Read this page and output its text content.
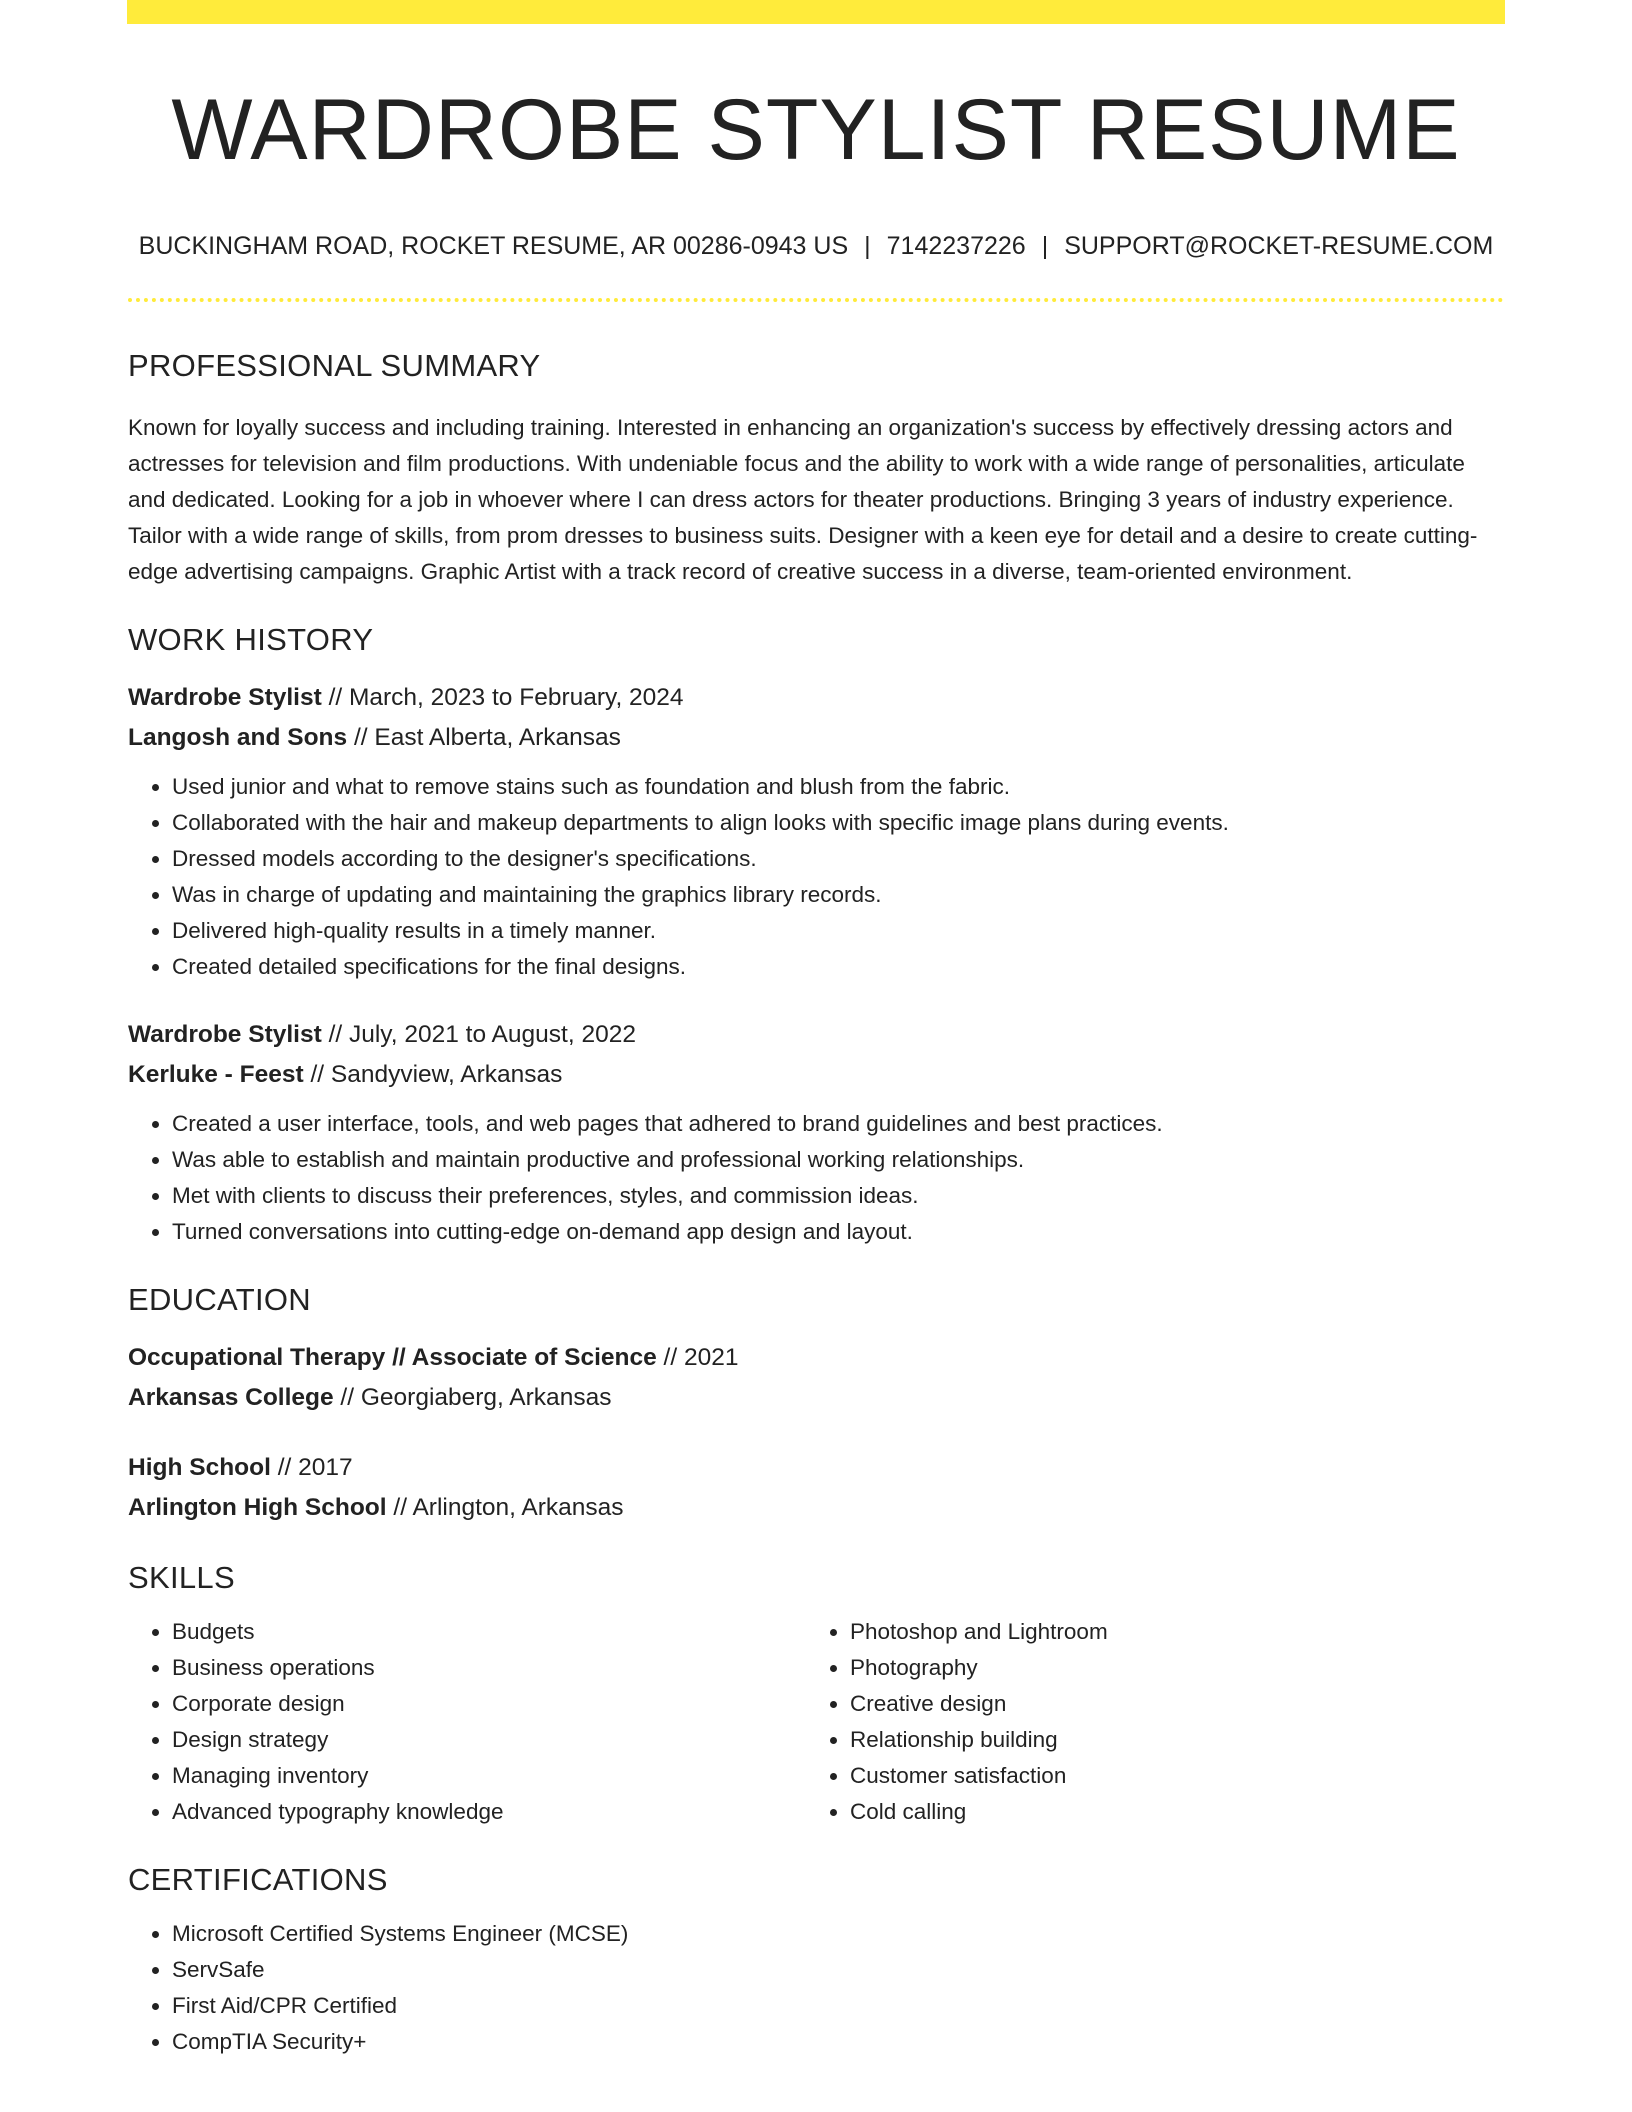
WARDROBE STYLIST RESUME
BUCKINGHAM ROAD, ROCKET RESUME, AR 00286-0943 US | 7142237226 | SUPPORT@ROCKET-RESUME.COM
PROFESSIONAL SUMMARY

Known for loyally success and including training. Interested in enhancing an organization's success by effectively dressing actors and actresses for television and film productions. With undeniable focus and the ability to work with a wide range of personalities, articulate and dedicated. Looking for a job in whoever where I can dress actors for theater productions. Bringing 3 years of industry experience. Tailor with a wide range of skills, from prom dresses to business suits. Designer with a keen eye for detail and a desire to create cutting-edge advertising campaigns. Graphic Artist with a track record of creative success in a diverse, team-oriented environment.

WORK HISTORY
Wardrobe Stylist // March, 2023 to February, 2024
Langosh and Sons // East Alberta, Arkansas
• Used junior and what to remove stains such as foundation and blush from the fabric.
• Collaborated with the hair and makeup departments to align looks with specific image plans during events.
• Dressed models according to the designer's specifications.
• Was in charge of updating and maintaining the graphics library records.
• Delivered high-quality results in a timely manner.
• Created detailed specifications for the final designs.
Wardrobe Stylist // July, 2021 to August, 2022
Kerluke - Feest // Sandyview, Arkansas
• Created a user interface, tools, and web pages that adhered to brand guidelines and best practices.
• Was able to establish and maintain productive and professional working relationships.
• Met with clients to discuss their preferences, styles, and commission ideas.
• Turned conversations into cutting-edge on-demand app design and layout.
EDUCATION
Occupational Therapy // Associate of Science // 2021
Arkansas College // Georgiaberg, Arkansas
High School // 2017
Arlington High School // Arlington, Arkansas
SKILLS
• Budgets
• Business operations
• Corporate design
• Design strategy
• Managing inventory
• Advanced typography knowledge
• Photoshop and Lightroom
• Photography
• Creative design
• Relationship building
• Customer satisfaction
• Cold calling
CERTIFICATIONS
• Microsoft Certified Systems Engineer (MCSE)
• ServSafe
• First Aid/CPR Certified
• CompTIA Security+
